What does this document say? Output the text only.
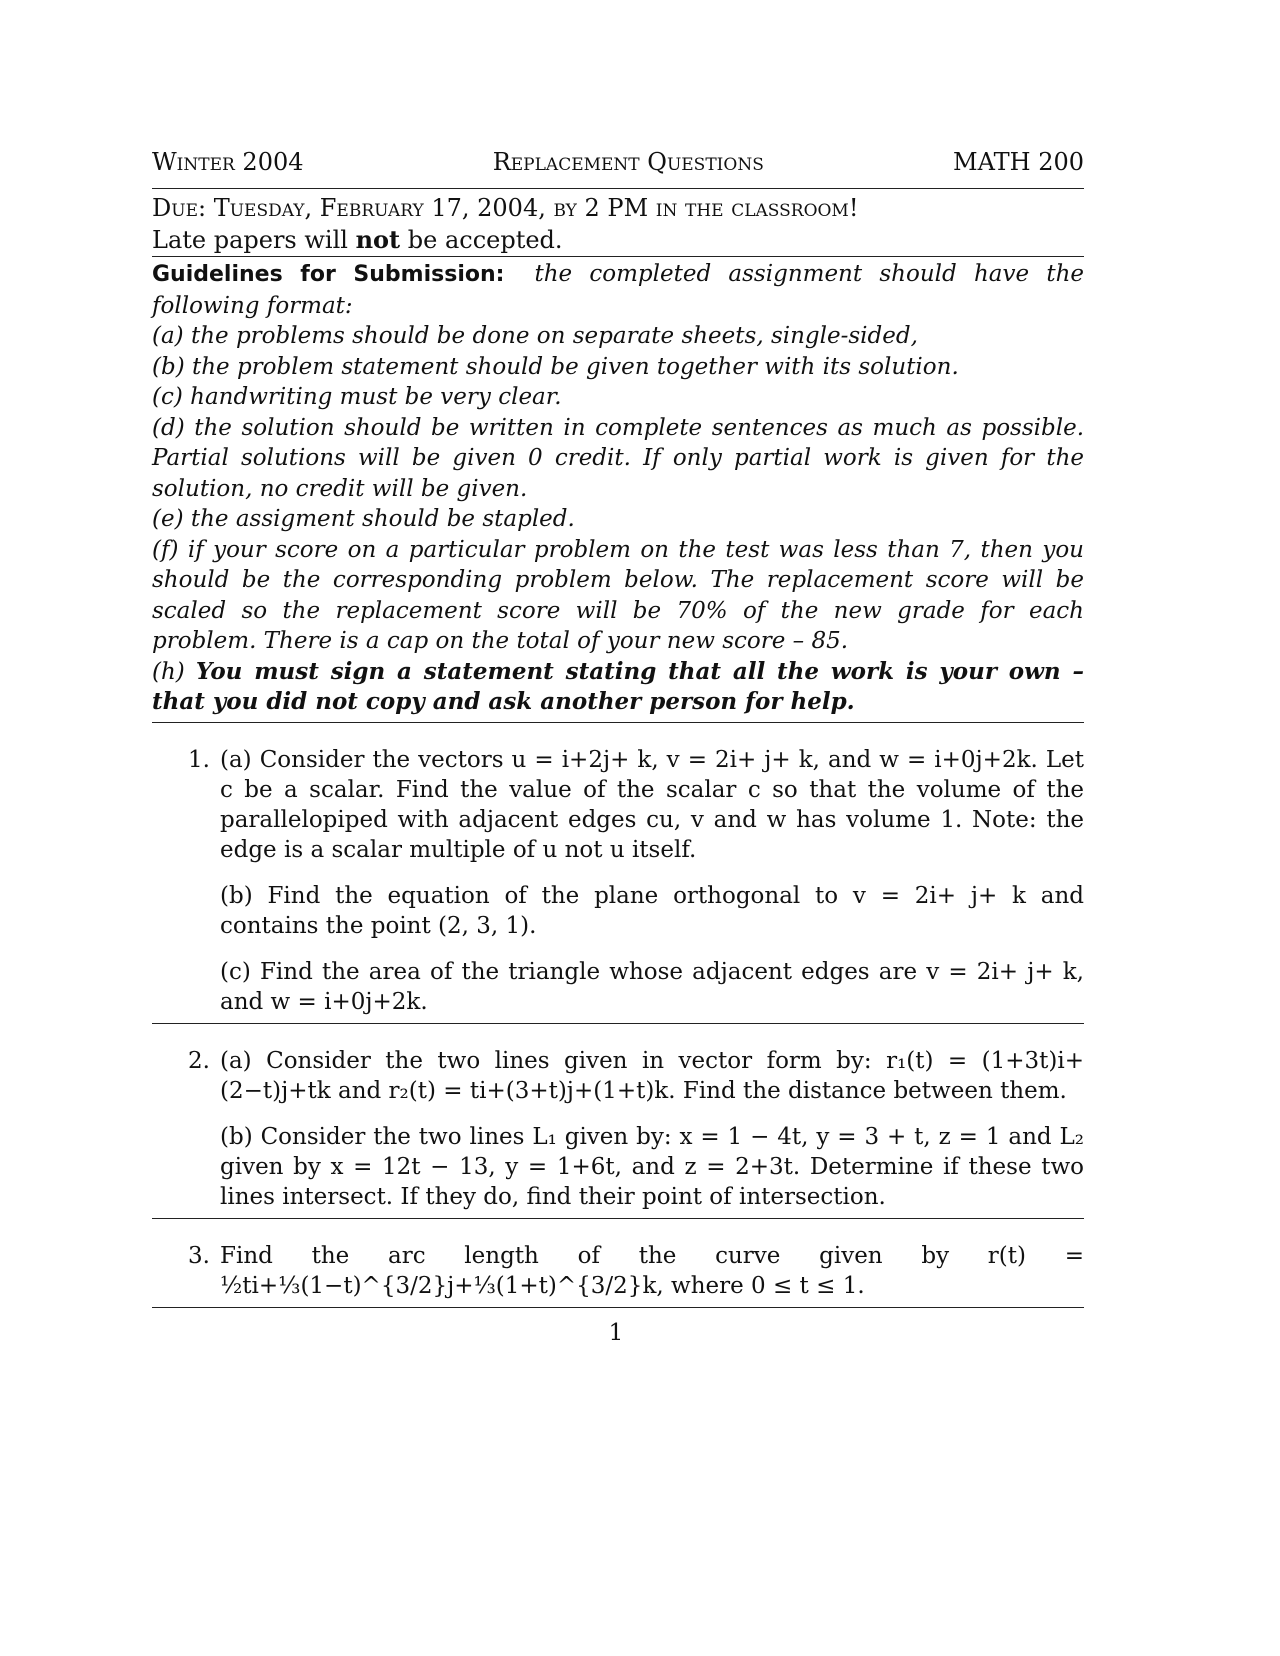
Winter 2004	Replacement Questions	MATH 200
Due: Tuesday, February 17, 2004, by 2 PM in the classroom!
Late papers will not be accepted.
Guidelines for Submission: the completed assignment should have the following format:
(a) the problems should be done on separate sheets, single-sided,
(b) the problem statement should be given together with its solution.
(c) handwriting must be very clear.
(d) the solution should be written in complete sentences as much as possible. Partial solutions will be given 0 credit. If only partial work is given for the solution, no credit will be given.
(e) the assigment should be stapled.
(f) if your score on a particular problem on the test was less than 7, then you should be the corresponding problem below. The replacement score will be scaled so the replacement score will be 70% of the new grade for each problem. There is a cap on the total of your new score – 85.
(h) You must sign a statement stating that all the work is your own – that you did not copy and ask another person for help.
1. (a) Consider the vectors u = i+2j+ k, v = 2i+ j+ k, and w = i+0j+2k. Let c be a scalar. Find the value of the scalar c so that the volume of the parallelopiped with adjacent edges cu, v and w has volume 1. Note: the edge is a scalar multiple of u not u itself.
(b) Find the equation of the plane orthogonal to v = 2i+ j+ k and contains the point (2, 3, 1).
(c) Find the area of the triangle whose adjacent edges are v = 2i+ j+ k, and w = i+0j+2k.
2. (a) Consider the two lines given in vector form by: r₁(t) = (1+3t)i+(2−t)j+tk and r₂(t) = ti+(3+t)j+(1+t)k. Find the distance between them.
(b) Consider the two lines L₁ given by: x = 1 − 4t, y = 3 + t, z = 1 and L₂ given by x = 12t − 13, y = 1+6t, and z = 2+3t. Determine if these two lines intersect. If they do, find their point of intersection.
3. Find the arc length of the curve given by r(t) = ½ti+⅓(1−t)^{3/2}j+⅓(1+t)^{3/2}k, where 0 ≤ t ≤ 1.
1
